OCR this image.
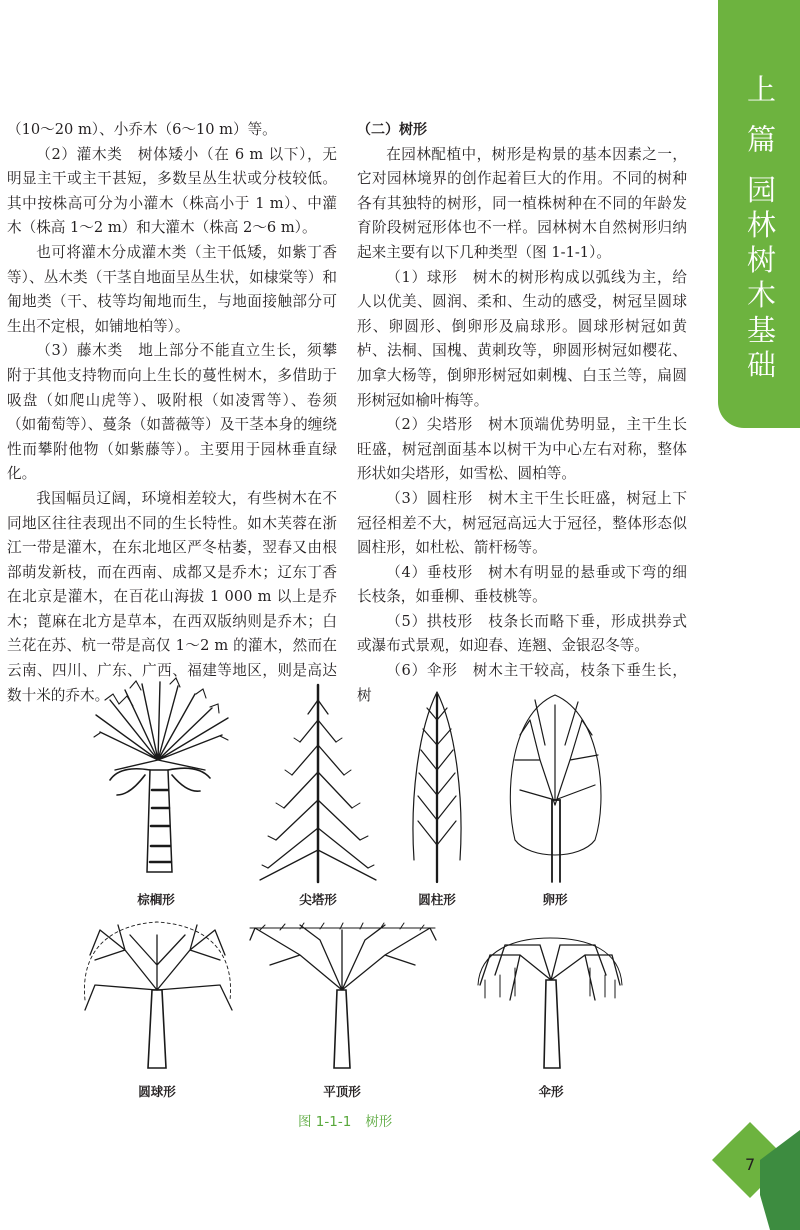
上 篇 园林树木基础

（10～20 m）、小乔木（6～10 m）等。

（2）灌木类　树体矮小（在 6 m 以下），无明显主干或主干甚短，多数呈丛生状或分枝较低。其中按株高可分为小灌木（株高小于 1 m）、中灌木（株高 1～2 m）和大灌木（株高 2～6 m）。

也可将灌木分成灌木类（主干低矮，如紫丁香等）、丛木类（干茎自地面呈丛生状，如棣棠等）和匍地类（干、枝等均匍地而生，与地面接触部分可生出不定根，如铺地柏等）。

（3）藤木类　地上部分不能直立生长，须攀附于其他支持物而向上生长的蔓性树木，多借助于吸盘（如爬山虎等）、吸附根（如凌霄等）、卷须（如葡萄等）、蔓条（如蔷薇等）及干茎本身的缠绕性而攀附他物（如紫藤等）。主要用于园林垂直绿化。

我国幅员辽阔，环境相差较大，有些树木在不同地区往往表现出不同的生长特性。如木芙蓉在浙江一带是灌木，在东北地区严冬枯萎，翌春又由根部萌发新枝，而在西南、成都又是乔木；辽东丁香在北京是灌木，在百花山海拔 1 000 m 以上是乔木；蓖麻在北方是草本，在西双版纳则是乔木；白兰花在苏、杭一带是高仅 1～2 m 的灌木，然而在云南、四川、广东、广西、福建等地区，则是高达数十米的乔木。

（二）树形

在园林配植中，树形是构景的基本因素之一，它对园林境界的创作起着巨大的作用。不同的树种各有其独特的树形，同一植株树种在不同的年龄发育阶段树冠形体也不一样。园林树木自然树形归纳起来主要有以下几种类型（图 1-1-1）。

（1）球形　树木的树形构成以弧线为主，给人以优美、圆润、柔和、生动的感受，树冠呈圆球形、卵圆形、倒卵形及扁球形。圆球形树冠如黄栌、法桐、国槐、黄刺玫等，卵圆形树冠如樱花、加拿大杨等，倒卵形树冠如刺槐、白玉兰等，扁圆形树冠如榆叶梅等。

（2）尖塔形　树木顶端优势明显，主干生长旺盛，树冠剖面基本以树干为中心左右对称，整体形状如尖塔形，如雪松、圆柏等。

（3）圆柱形　树木主干生长旺盛，树冠上下冠径相差不大，树冠冠高远大于冠径，整体形态似圆柱形，如杜松、箭杆杨等。

（4）垂枝形　树木有明显的悬垂或下弯的细长枝条，如垂柳、垂枝桃等。

（5）拱枝形　枝条长而略下垂，形成拱券式或瀑布式景观，如迎春、连翘、金银忍冬等。

（6）伞形　树木主干较高，枝条下垂生长，树

棕榈形	尖塔形	圆柱形	卵形
圆球形	平顶形	伞形
图 1-1-1 树形
7
